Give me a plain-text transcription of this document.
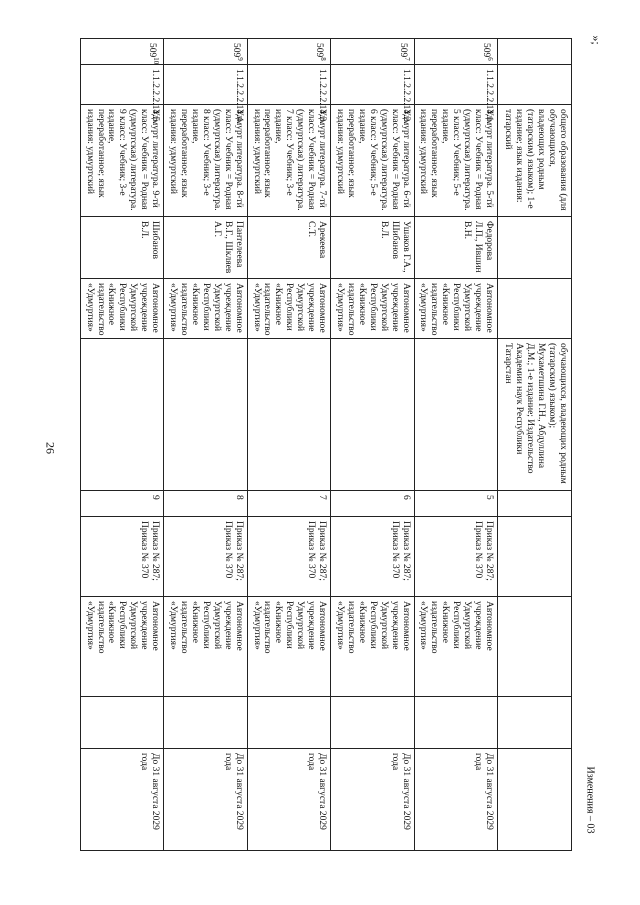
26
»;
Изменения – 03
		общего образования (для обучающихся, владеющих родным (татарским) языком); 1-е издание; язык издания: татарский			обучающихся, владеющих родным (татарским) языком); Мухаметшина Г.Н., Абдуллина Д.М.; 1-е издание; Издательство Академии наук Республики Татарстан					
$509^6$	1.1.2.2.2.14.1.	Удмурт литература. 5-тӥ класс: Учебник = Родная (удмуртская) литература. 5 класс: Учебник; 5-е издание, переработанное; язык издания: удмуртский	Федорова Л.П., Ившин В.Н.	Автономное учреждение Удмуртской Республики «Книжное издательство «Удмуртия»		5	Приказ № 287; Приказ № 370	Автономное учреждение Удмуртской Республики «Книжное издательство «Удмуртия»		До 31 августа 2029 года
$509^7$	1.1.2.2.2.14.2.	Удмурт литература. 6-тӥ класс: Учебник = Родная (удмуртская) литература. 6 класс: Учебник; 5-е издание, переработанное; язык издания: удмуртский	Ушаков Г.А., Шибанов В.Л.	Автономное учреждение Удмуртской Республики «Книжное издательство «Удмуртия»		6	Приказ № 287; Приказ № 370	Автономное учреждение Удмуртской Республики «Книжное издательство «Удмуртия»		До 31 августа 2029 года
$509^8$	1.1.2.2.2.14.3.	Удмурт литература. 7-тӥ класс: Учебник = Родная (удмуртская) литература. 7 класс: Учебник; 3-е издание, переработанное; язык издания: удмуртский	Арекеева С.Т.	Автономное учреждение Удмуртской Республики «Книжное издательство «Удмуртия»		7	Приказ № 287; Приказ № 370	Автономное учреждение Удмуртской Республики «Книжное издательство «Удмуртия»		До 31 августа 2029 года
$509^9$	1.1.2.2.2.14.4.	Удмурт литература. 8-тӥ класс: Учебник = Родная (удмуртская) литература. 8 класс: Учебник; 3-е издание, переработанное; язык издания: удмуртский	Пантелеева В.Г., Шкляев А.Г.	Автономное учреждение Удмуртской Республики «Книжное издательство «Удмуртия»		8	Приказ № 287; Приказ № 370	Автономное учреждение Удмуртской Республики «Книжное издательство «Удмуртия»		До 31 августа 2029 года
$509^{10}$	1.1.2.2.2.14.5.	Удмурт литература. 9-тӥ класс: Учебник = Родная (удмуртская) литература. 9 класс: Учебник; 3-е издание, переработанное; язык издания: удмуртский	Шибанов В.Л.	Автономное учреждение Удмуртской Республики «Книжное издательство «Удмуртия»		9	Приказ № 287; Приказ № 370	Автономное учреждение Удмуртской Республики «Книжное издательство «Удмуртия»		До 31 августа 2029 года
